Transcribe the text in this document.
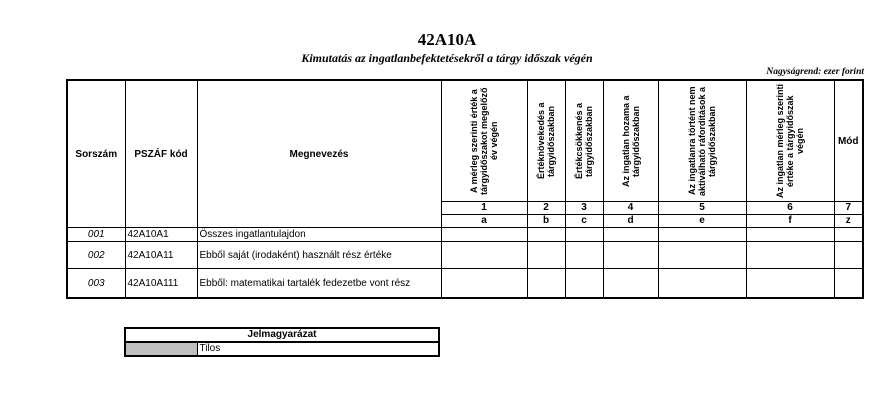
42A10A
Kimutatás az ingatlanbefektetésekről a tárgy időszak végén
Nagyságrend: ezer forint
Sorszám	PSZÁF kód	Megnevezés	A mérleg szerinti érték a tárgyidőszakot megelőző év végén	Értéknövekedés a tárgyidőszakban	Értékcsökkenés a tárgyidőszakban	Az ingatlan hozama a tárgyidőszakban	Az ingatlanra történt nem aktiválható ráfordítások a tárgyidőszakban	Az ingatlan mérleg szerinti értéke a tárgyidőszak végén	Mód
			1	2	3	4	5	6	7
			a	b	c	d	e	f	z
001	42A10A1	Összes ingatlantulajdon							
002	42A10A11	Ebből saját (irodaként) használt rész értéke							
003	42A10A111	Ebből: matematikai tartalék fedezetbe vont rész							
Jelmagyarázat
	Tilos
